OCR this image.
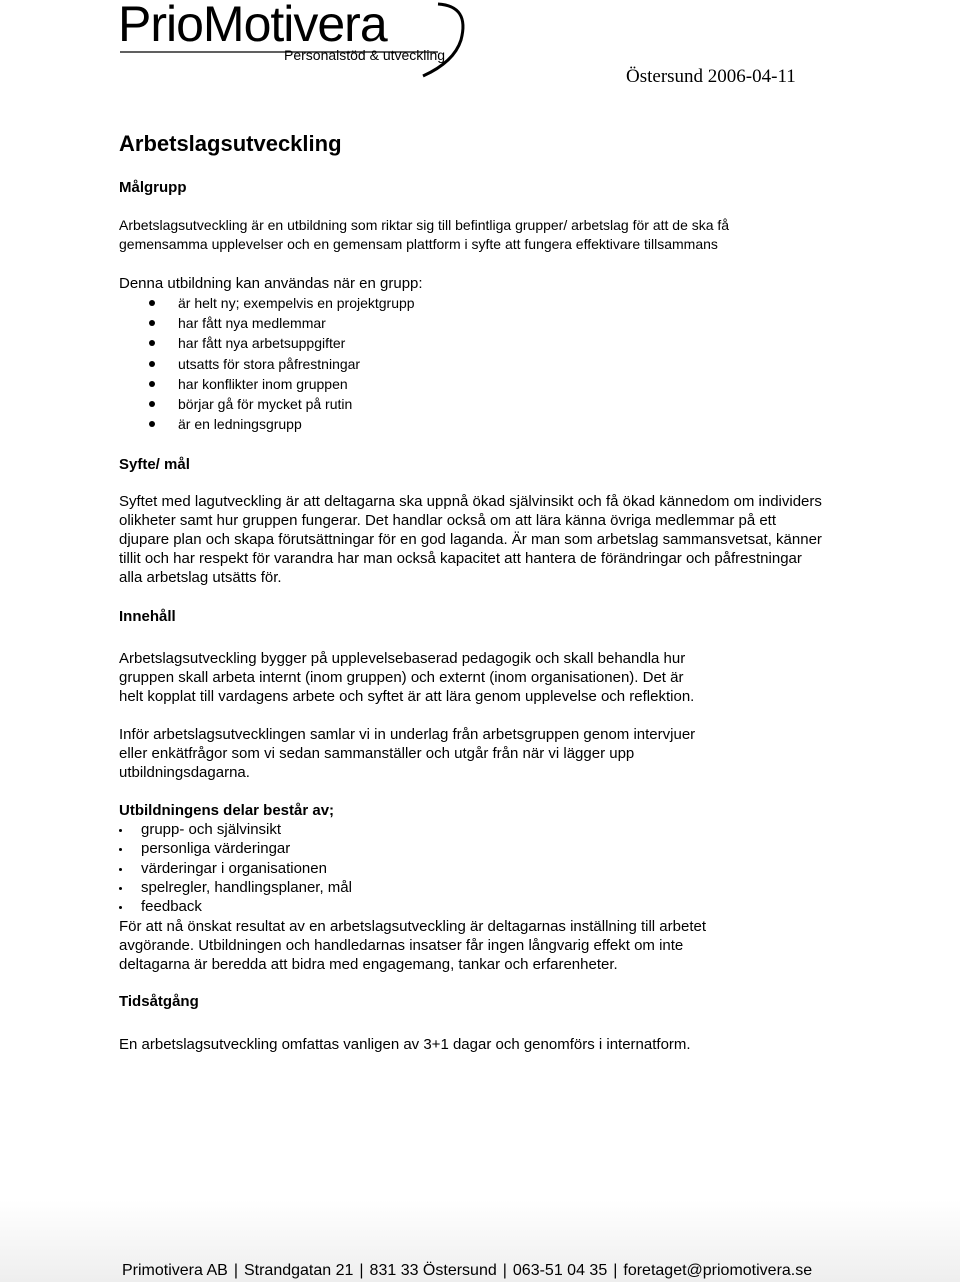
PrioMotivera
Personalstöd & utveckling
Östersund 2006-04-11
Arbetslagsutveckling
Målgrupp
Arbetslagsutveckling är en utbildning som riktar sig till befintliga grupper/ arbetslag för att de ska få
gemensamma upplevelser och en gemensam plattform i syfte att fungera effektivare tillsammans
Denna utbildning kan användas när en grupp:
är helt ny; exempelvis en projektgrupp
har fått nya medlemmar
har fått nya arbetsuppgifter
utsatts för stora påfrestningar
har konflikter inom gruppen
börjar gå för mycket på rutin
är en ledningsgrupp
Syfte/ mål
Syftet med lagutveckling är att deltagarna ska uppnå ökad självinsikt och få ökad kännedom om individers
olikheter samt hur gruppen fungerar. Det handlar också om att lära känna övriga medlemmar på ett
djupare plan och skapa förutsättningar för en god laganda. Är man som arbetslag sammansvetsat, känner
tillit och har respekt för varandra har man också kapacitet att hantera de förändringar och påfrestningar
alla arbetslag utsätts för.
Innehåll
Arbetslagsutveckling bygger på upplevelsebaserad pedagogik och skall behandla hur
gruppen skall arbeta internt (inom gruppen) och externt (inom organisationen). Det är
helt kopplat till vardagens arbete och syftet är att lära genom upplevelse och reflektion.
Inför arbetslagsutvecklingen samlar vi in underlag från arbetsgruppen genom intervjuer
eller enkätfrågor som vi sedan sammanställer och utgår från när vi lägger upp
utbildningsdagarna.
Utbildningens delar består av;
grupp- och självinsikt
personliga värderingar
värderingar i organisationen
spelregler, handlingsplaner, mål
feedback
För att nå önskat resultat av en arbetslagsutveckling är deltagarnas inställning till arbetet
avgörande. Utbildningen och handledarnas insatser får ingen långvarig effekt om inte
deltagarna är beredda att bidra med engagemang, tankar och erfarenheter.
Tidsåtgång
En arbetslagsutveckling omfattas vanligen av 3+1 dagar och genomförs i internatform.
Primotivera AB | Strandgatan 21 | 831 33 Östersund | 063-51 04 35 | foretaget@priomotivera.se
